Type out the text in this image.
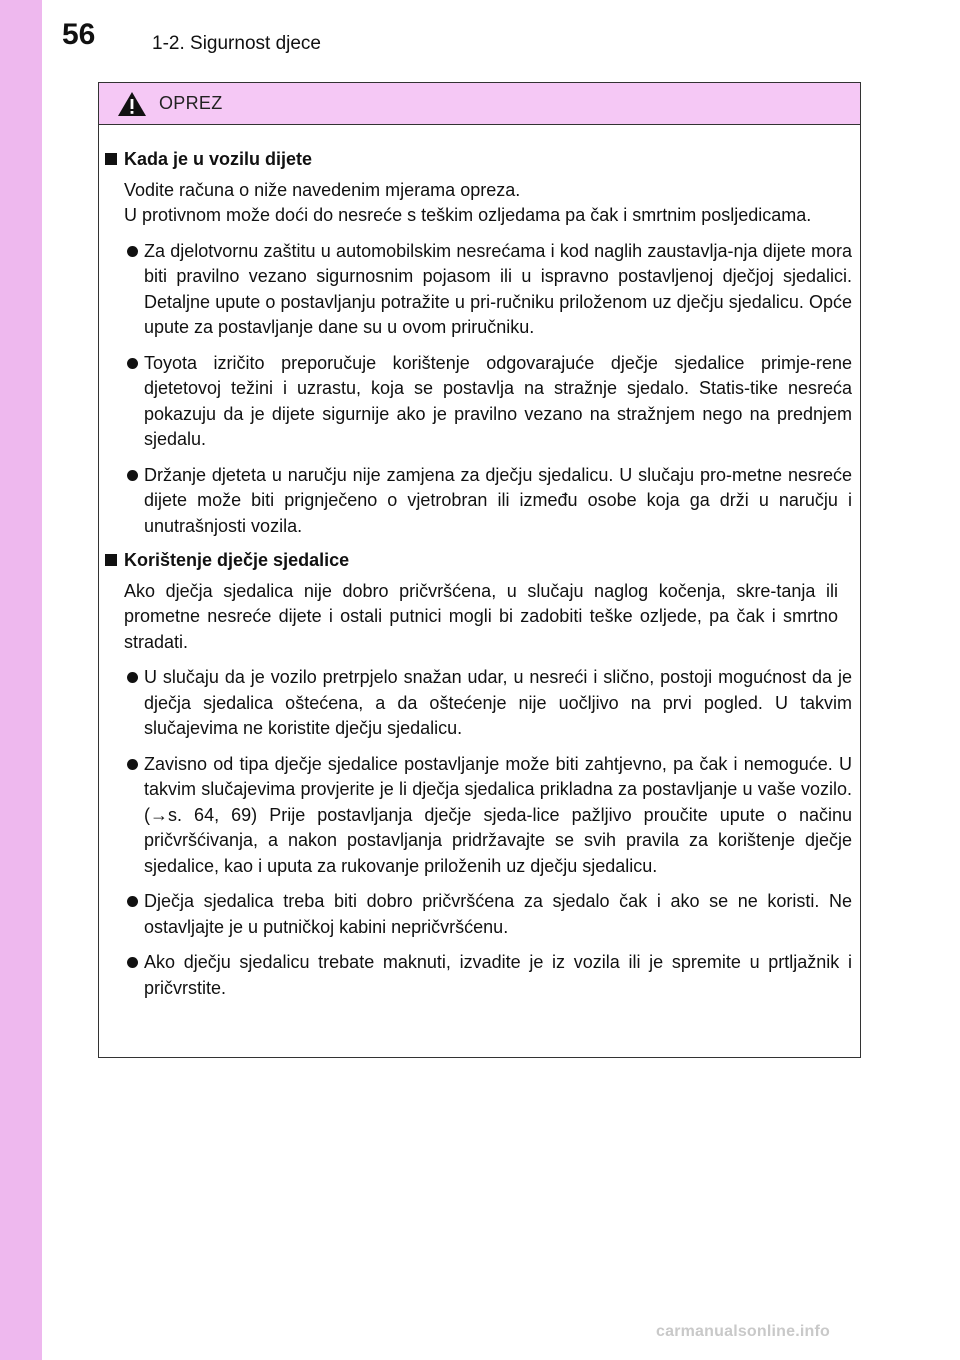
56	1-2. Sigurnost djece
OPREZ
Kada je u vozilu dijete
Vodite računa o niže navedenim mjerama opreza.
U protivnom može doći do nesreće s teškim ozljedama pa čak i smrtnim posljedicama.
Za djelotvornu zaštitu u automobilskim nesrećama i kod naglih zaustavlja-nja dijete mora biti pravilno vezano sigurnosnim pojasom ili u ispravno postavljenoj dječjoj sjedalici. Detaljne upute o postavljanju potražite u pri-ručniku priloženom uz dječju sjedalicu. Opće upute za postavljanje dane su u ovom priručniku.
Toyota izričito preporučuje korištenje odgovarajuće dječje sjedalice primje-rene djetetovoj težini i uzrastu, koja se postavlja na stražnje sjedalo. Statis-tike nesreća pokazuju da je dijete sigurnije ako je pravilno vezano na stražnjem nego na prednjem sjedalu.
Držanje djeteta u naručju nije zamjena za dječju sjedalicu. U slučaju pro-metne nesreće dijete može biti prignječeno o vjetrobran ili između osobe koja ga drži u naručju i unutrašnjosti vozila.
Korištenje dječje sjedalice
Ako dječja sjedalica nije dobro pričvršćena, u slučaju naglog kočenja, skre-tanja ili prometne nesreće dijete i ostali putnici mogli bi zadobiti teške ozljede, pa čak i smrtno stradati.
U slučaju da je vozilo pretrpjelo snažan udar, u nesreći i slično, postoji mogućnost da je dječja sjedalica oštećena, a da oštećenje nije uočljivo na prvi pogled. U takvim slučajevima ne koristite dječju sjedalicu.
Zavisno od tipa dječje sjedalice postavljanje može biti zahtjevno, pa čak i nemoguće. U takvim slučajevima provjerite je li dječja sjedalica prikladna za postavljanje u vaše vozilo. (→s. 64, 69) Prije postavljanja dječje sjeda-lice pažljivo proučite upute o načinu pričvršćivanja, a nakon postavljanja pridržavajte se svih pravila za korištenje dječje sjedalice, kao i uputa za rukovanje priloženih uz dječju sjedalicu.
Dječja sjedalica treba biti dobro pričvršćena za sjedalo čak i ako se ne koristi. Ne ostavljajte je u putničkoj kabini nepričvršćenu.
Ako dječju sjedalicu trebate maknuti, izvadite je iz vozila ili je spremite u prtljažnik i pričvrstite.
carmanualsonline.info
